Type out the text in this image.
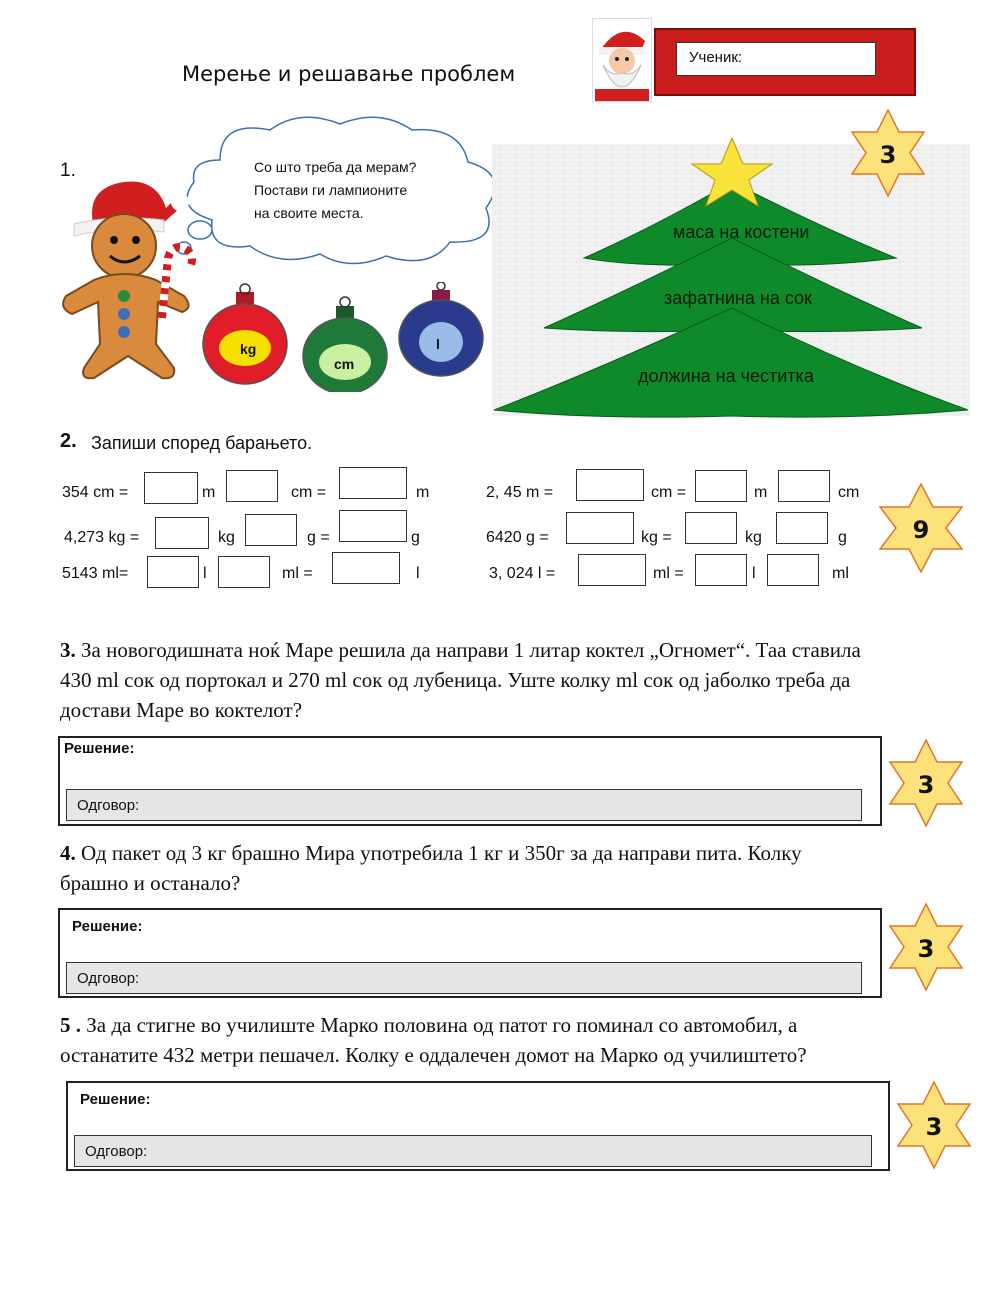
Мерење и решавање проблем
Ученик:
1.	Со што треба да мерам?
Постави ги лампионите
на своите места.
kg
cm
l
маса на костени
зафатнина на сок
должина на честитка
3
2. Запиши според барањето.
354 cm =	m	cm =	m
4,273 kg =	kg	g =	g
5143 ml=	l	ml =	l
2, 45 m =	cm =	m	cm
6420 g =	kg =	kg	g
3, 024 l =	ml =	l	ml
9
3. За новогодишната ноќ Маре решила да направи 1 литар коктел „Огномет“. Таа ставила
430 ml сок од портокал и 270 ml сок од лубеница. Уште колку ml сок од јаболко треба да
достави Маре во коктелот?
Решение:
Одговор:
3
4. Од пакет од 3 кг брашно Мира употребила 1 кг и 350г за да направи пита. Колку
брашно и останало?
Решение:
Одговор:
3
5 . За да стигне во училиште Марко половина од патот го поминал со автомобил, а
останатите 432 метри пешачел. Колку е оддалечен домот на Марко од училиштето?
Решение:
Одговор:
3
